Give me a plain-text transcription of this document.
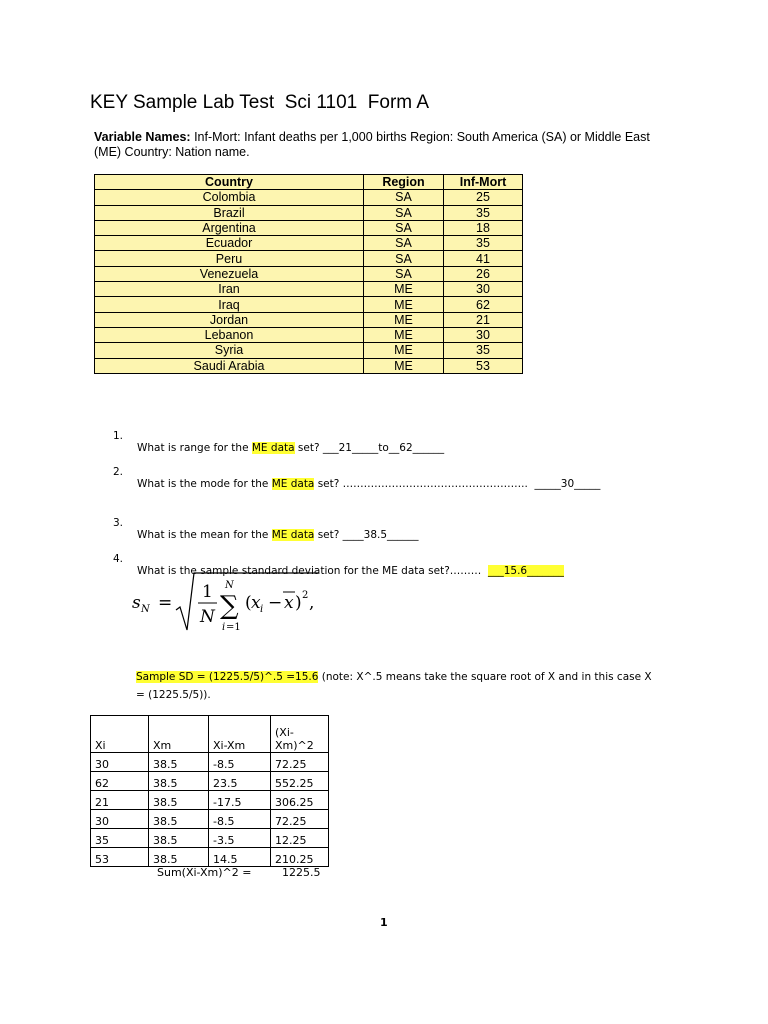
KEY Sample Lab Test  Sci 1101  Form A
Variable Names: Inf-Mort: Infant deaths per 1,000 births Region: South America (SA) or Middle East (ME) Country: Nation name.
Country	Region	Inf-Mort
Colombia	SA	25
Brazil	SA	35
Argentina	SA	18
Ecuador	SA	35
Peru	SA	41
Venezuela	SA	26
Iran	ME	30
Iraq	ME	62
Jordan	ME	21
Lebanon	ME	30
Syria	ME	35
Saudi Arabia	ME	53

1.

What is range for the ME data set? ___21_____to__62______

2.

What is the mode for the ME data set? ……………………………………………..  _____30_____

3.

What is the mean for the ME data set? ____38.5______

4.

What is the sample standard deviation for the ME data set?………  ___15.6_______

s N =
1
N
N
∑
i =1
( x i − x ) 2 ,
Sample SD = (1225.5/5)^.5 =15.6 (note: X^.5 means take the square root of X and in this case X = (1225.5/5)).
Xi	Xm	Xi-Xm	(Xi-
Xm)^2
30	38.5	-8.5	72.25
62	38.5	23.5	552.25
21	38.5	-17.5	306.25
30	38.5	-8.5	72.25
35	38.5	-3.5	12.25
53	38.5	14.5	210.25
Sum(Xi-Xm)^2 =	1225.5
1
